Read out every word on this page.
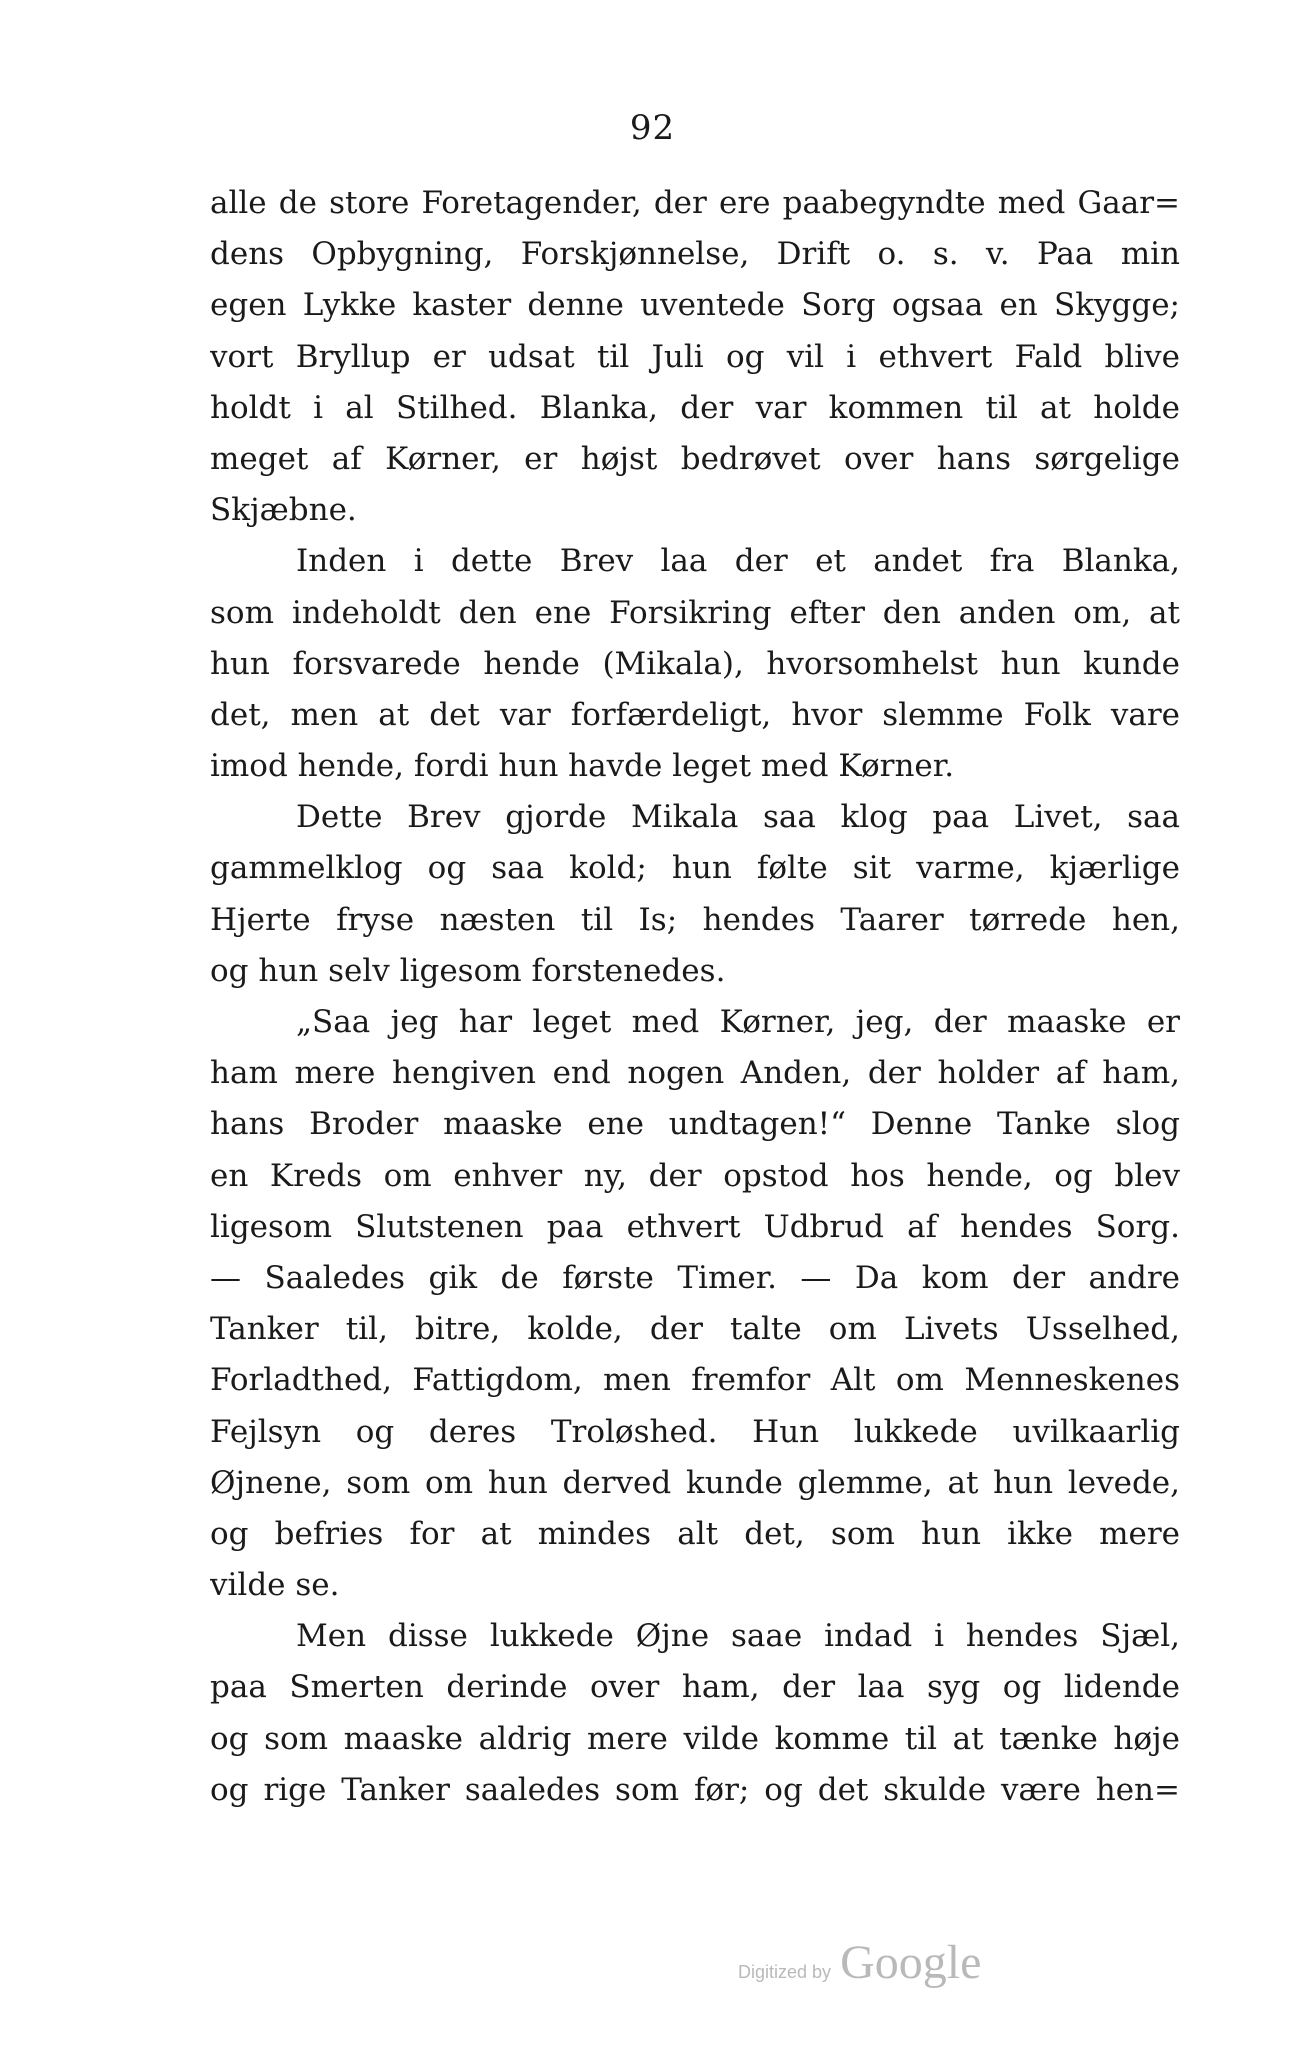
92
alle de store Foretagender, der ere paabegyndte med Gaar=
dens Opbygning, Forskjønnelse, Drift o. s. v. Paa min
egen Lykke kaster denne uventede Sorg ogsaa en Skygge;
vort Bryllup er udsat til Juli og vil i ethvert Fald blive
holdt i al Stilhed. Blanka, der var kommen til at holde
meget af Kørner, er højst bedrøvet over hans sørgelige
Skjæbne.
Inden i dette Brev laa der et andet fra Blanka,
som indeholdt den ene Forsikring efter den anden om, at
hun forsvarede hende (Mikala), hvorsomhelst hun kunde
det, men at det var forfærdeligt, hvor slemme Folk vare
imod hende, fordi hun havde leget med Kørner.
Dette Brev gjorde Mikala saa klog paa Livet, saa
gammelklog og saa kold; hun følte sit varme, kjærlige
Hjerte fryse næsten til Is; hendes Taarer tørrede hen,
og hun selv ligesom forstenedes.
„Saa jeg har leget med Kørner, jeg, der maaske er
ham mere hengiven end nogen Anden, der holder af ham,
hans Broder maaske ene undtagen!“ Denne Tanke slog
en Kreds om enhver ny, der opstod hos hende, og blev
ligesom Slutstenen paa ethvert Udbrud af hendes Sorg.
— Saaledes gik de første Timer. — Da kom der andre
Tanker til, bitre, kolde, der talte om Livets Usselhed,
Forladthed, Fattigdom, men fremfor Alt om Menneskenes
Fejlsyn og deres Troløshed. Hun lukkede uvilkaarlig
Øjnene, som om hun derved kunde glemme, at hun levede,
og befries for at mindes alt det, som hun ikke mere
vilde se.
Men disse lukkede Øjne saae indad i hendes Sjæl,
paa Smerten derinde over ham, der laa syg og lidende
og som maaske aldrig mere vilde komme til at tænke høje
og rige Tanker saaledes som før; og det skulde være hen=
Digitized by Google
